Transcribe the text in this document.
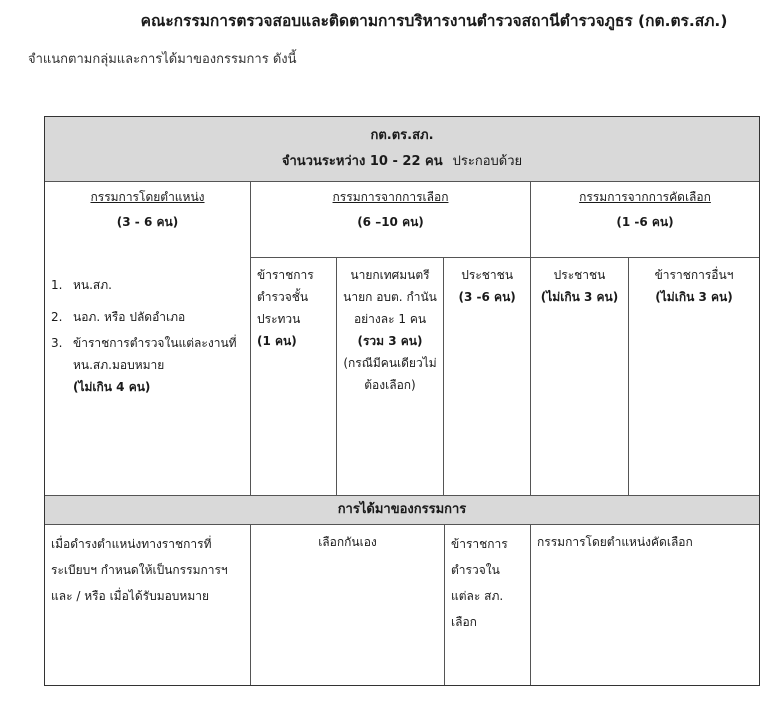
คณะกรรมการตรวจสอบและติดตามการบริหารงานตำรวจสถานีตำรวจภูธร (กต.ตร.สภ.)
จำแนกตามกลุ่มและการได้มาของกรรมการ ดังนี้
กต.ตร.สภ.
จำนวนระหว่าง 10 - 22 คน ประกอบด้วย
กรรมการโดยตำแหน่ง
(3 - 6 คน)
1. หน.สภ.
2. นอภ. หรือ ปลัดอำเภอ
3. ข้าราชการตำรวจในแต่ละงานที่ หน.สภ.มอบหมาย
(ไม่เกิน 4 คน)
กรรมการจากการเลือก
(6 –10 คน)
ข้าราชการตำรวจชั้นประทวน
(1 คน)
นายกเทศมนตรี นายก อบต. กำนัน อย่างละ 1 คน
(รวม 3 คน)
(กรณีมีคนเดียวไม่ต้องเลือก)
ประชาชน
(3 -6 คน)
กรรมการจากการคัดเลือก
(1 -6 คน)
ประชาชน
(ไม่เกิน 3 คน)
ข้าราชการอื่นฯ
(ไม่เกิน 3 คน)
การได้มาของกรรมการ
เมื่อดำรงตำแหน่งทางราชการที่ระเบียบฯ กำหนดให้เป็นกรรมการฯ และ / หรือ เมื่อได้รับมอบหมาย
เลือกกันเอง	ข้าราชการตำรวจในแต่ละ สภ. เลือก
กรรมการโดยตำแหน่งคัดเลือก
